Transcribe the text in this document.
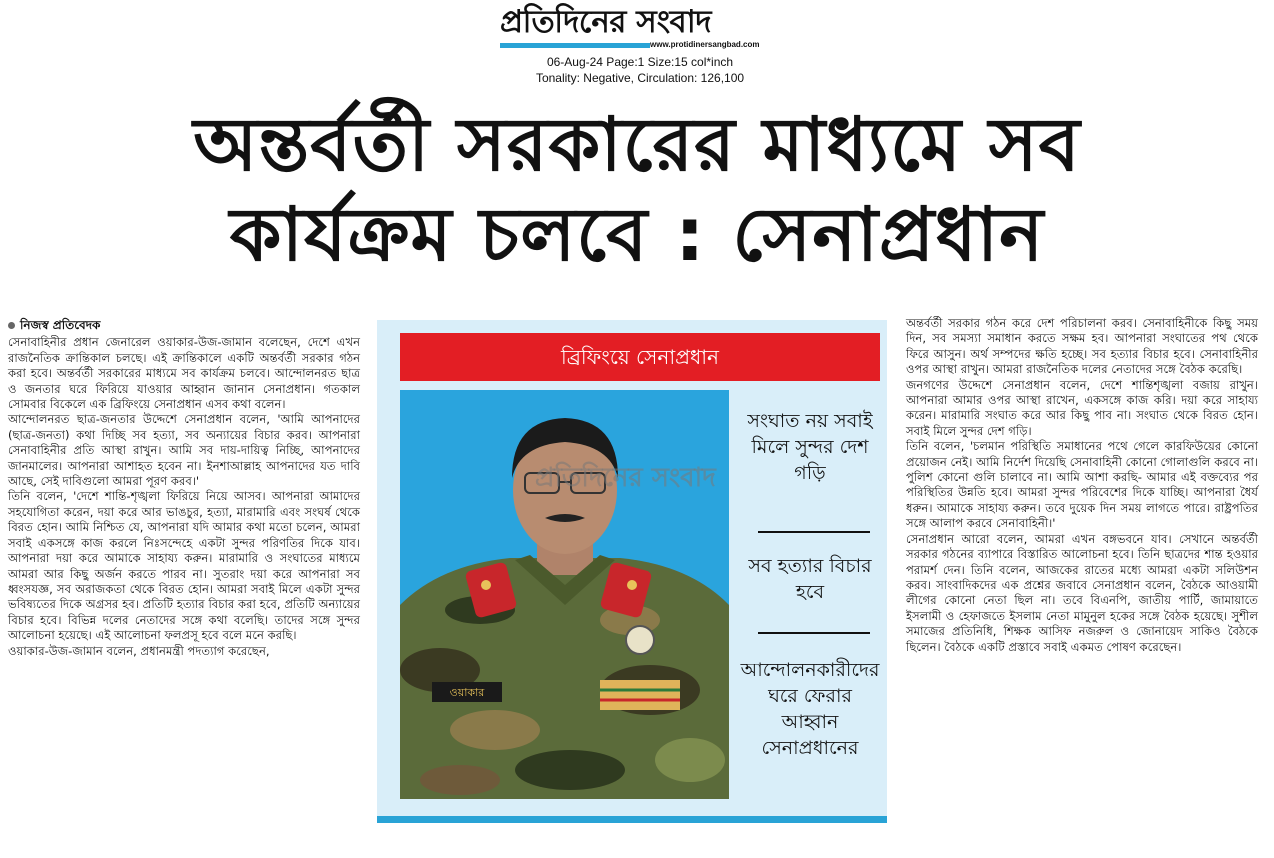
প্রতিদিনের সংবাদ
www.protidinersangbad.com
06-Aug-24 Page:1 Size:15 col*inch
Tonality: Negative, Circulation: 126,100
অন্তর্বর্তী সরকারের মাধ্যমে সব
কার্যক্রম চলবে : সেনাপ্রধান
নিজস্ব প্রতিবেদক

সেনাবাহিনীর প্রধান জেনারেল ওয়াকার-উজ-জামান বলেছেন, দেশে এখন রাজনৈতিক ক্রান্তিকাল চলছে। এই ক্রান্তিকালে একটি অন্তর্বর্তী সরকার গঠন করা হবে। অন্তর্বর্তী সরকারের মাধ্যমে সব কার্যক্রম চলবে। আন্দোলনরত ছাত্র ও জনতার ঘরে ফিরিয়ে যাওয়ার আহ্বান জানান সেনাপ্রধান। গতকাল সোমবার বিকেলে এক ব্রিফিংয়ে সেনাপ্রধান এসব কথা বলেন।

আন্দোলনরত ছাত্র-জনতার উদ্দেশে সেনাপ্রধান বলেন, 'আমি আপনাদের (ছাত্র-জনতা) কথা দিচ্ছি সব হত্যা, সব অন্যায়ের বিচার করব। আপনারা সেনাবাহিনীর প্রতি আস্থা রাখুন। আমি সব দায়-দায়িত্ব নিচ্ছি, আপনাদের জানমালের। আপনারা আশাহত হবেন না। ইনশাআল্লাহ আপনাদের যত দাবি আছে, সেই দাবিগুলো আমরা পূরণ করব।'

তিনি বলেন, 'দেশে শান্তি-শৃঙ্খলা ফিরিয়ে নিয়ে আসব। আপনারা আমাদের সহযোগিতা করেন, দয়া করে আর ভাঙচুর, হত্যা, মারামারি এবং সংঘর্ষ থেকে বিরত হোন। আমি নিশ্চিত যে, আপনারা যদি আমার কথা মতো চলেন, আমরা সবাই একসঙ্গে কাজ করলে নিঃসন্দেহে একটা সুন্দর পরিণতির দিকে যাব। আপনারা দয়া করে আমাকে সাহায্য করুন। মারামারি ও সংঘাতের মাধ্যমে আমরা আর কিছু অর্জন করতে পারব না। সুতরাং দয়া করে আপনারা সব ধ্বংসযজ্ঞ, সব অরাজকতা থেকে বিরত হোন। আমরা সবাই মিলে একটা সুন্দর ভবিষ্যতের দিকে অগ্রসর হব। প্রতিটি হত্যার বিচার করা হবে, প্রতিটি অন্যায়ের বিচার হবে। বিভিন্ন দলের নেতাদের সঙ্গে কথা বলেছি। তাদের সঙ্গে সুন্দর আলোচনা হয়েছে। এই আলোচনা ফলপ্রসূ হবে বলে মনে করছি।

ওয়াকার-উজ-জামান বলেন, প্রধানমন্ত্রী পদত্যাগ করেছেন,

ব্রিফিংয়ে সেনাপ্রধান
ওয়াকার
প্রতিদিনের সংবাদ
সংঘাত নয় সবাই মিলে সুন্দর দেশ গড়ি
সব হত্যার বিচার হবে
আন্দোলনকারীদের ঘরে ফেরার আহ্বান সেনাপ্রধানের

অন্তর্বর্তী সরকার গঠন করে দেশ পরিচালনা করব। সেনাবাহিনীকে কিছু সময় দিন, সব সমস্যা সমাধান করতে সক্ষম হব। আপনারা সংঘাতের পথ থেকে ফিরে আসুন। অর্থ সম্পদের ক্ষতি হচ্ছে। সব হত্যার বিচার হবে। সেনাবাহিনীর ওপর আস্থা রাখুন। আমরা রাজনৈতিক দলের নেতাদের সঙ্গে বৈঠক করেছি।

জনগণের উদ্দেশে সেনাপ্রধান বলেন, দেশে শান্তিশৃঙ্খলা বজায় রাখুন। আপনারা আমার ওপর আস্থা রাখেন, একসঙ্গে কাজ করি। দয়া করে সাহায্য করেন। মারামারি সংঘাত করে আর কিছু পাব না। সংঘাত থেকে বিরত হোন। সবাই মিলে সুন্দর দেশ গড়ি।

তিনি বলেন, 'চলমান পরিস্থিতি সমাধানের পথে গেলে কারফিউয়ের কোনো প্রয়োজন নেই। আমি নির্দেশ দিয়েছি সেনাবাহিনী কোনো গোলাগুলি করবে না। পুলিশ কোনো গুলি চালাবে না। আমি আশা করছি- আমার এই বক্তব্যের পর পরিস্থিতির উন্নতি হবে। আমরা সুন্দর পরিবেশের দিকে যাচ্ছি। আপনারা ধৈর্য ধরুন। আমাকে সাহায্য করুন। তবে দুয়েক দিন সময় লাগতে পারে। রাষ্ট্রপতির সঙ্গে আলাপ করবে সেনাবাহিনী।'

সেনাপ্রধান আরো বলেন, আমরা এখন বঙ্গভবনে যাব। সেখানে অন্তর্বর্তী সরকার গঠনের ব্যাপারে বিস্তারিত আলোচনা হবে। তিনি ছাত্রদের শান্ত হওয়ার পরামর্শ দেন। তিনি বলেন, আজকের রাতের মধ্যে আমরা একটা সলিউশন করব। সাংবাদিকদের এক প্রশ্নের জবাবে সেনাপ্রধান বলেন, বৈঠকে আওয়ামী লীগের কোনো নেতা ছিল না। তবে বিএনপি, জাতীয় পার্টি, জামায়াতে ইসলামী ও হেফাজতে ইসলাম নেতা মামুনুল হকের সঙ্গে বৈঠক হয়েছে। সুশীল সমাজের প্রতিনিধি, শিক্ষক আসিফ নজরুল ও জোনায়েদ সাকিও বৈঠকে ছিলেন। বৈঠকে একটি প্রস্তাবে সবাই একমত পোষণ করেছেন।
